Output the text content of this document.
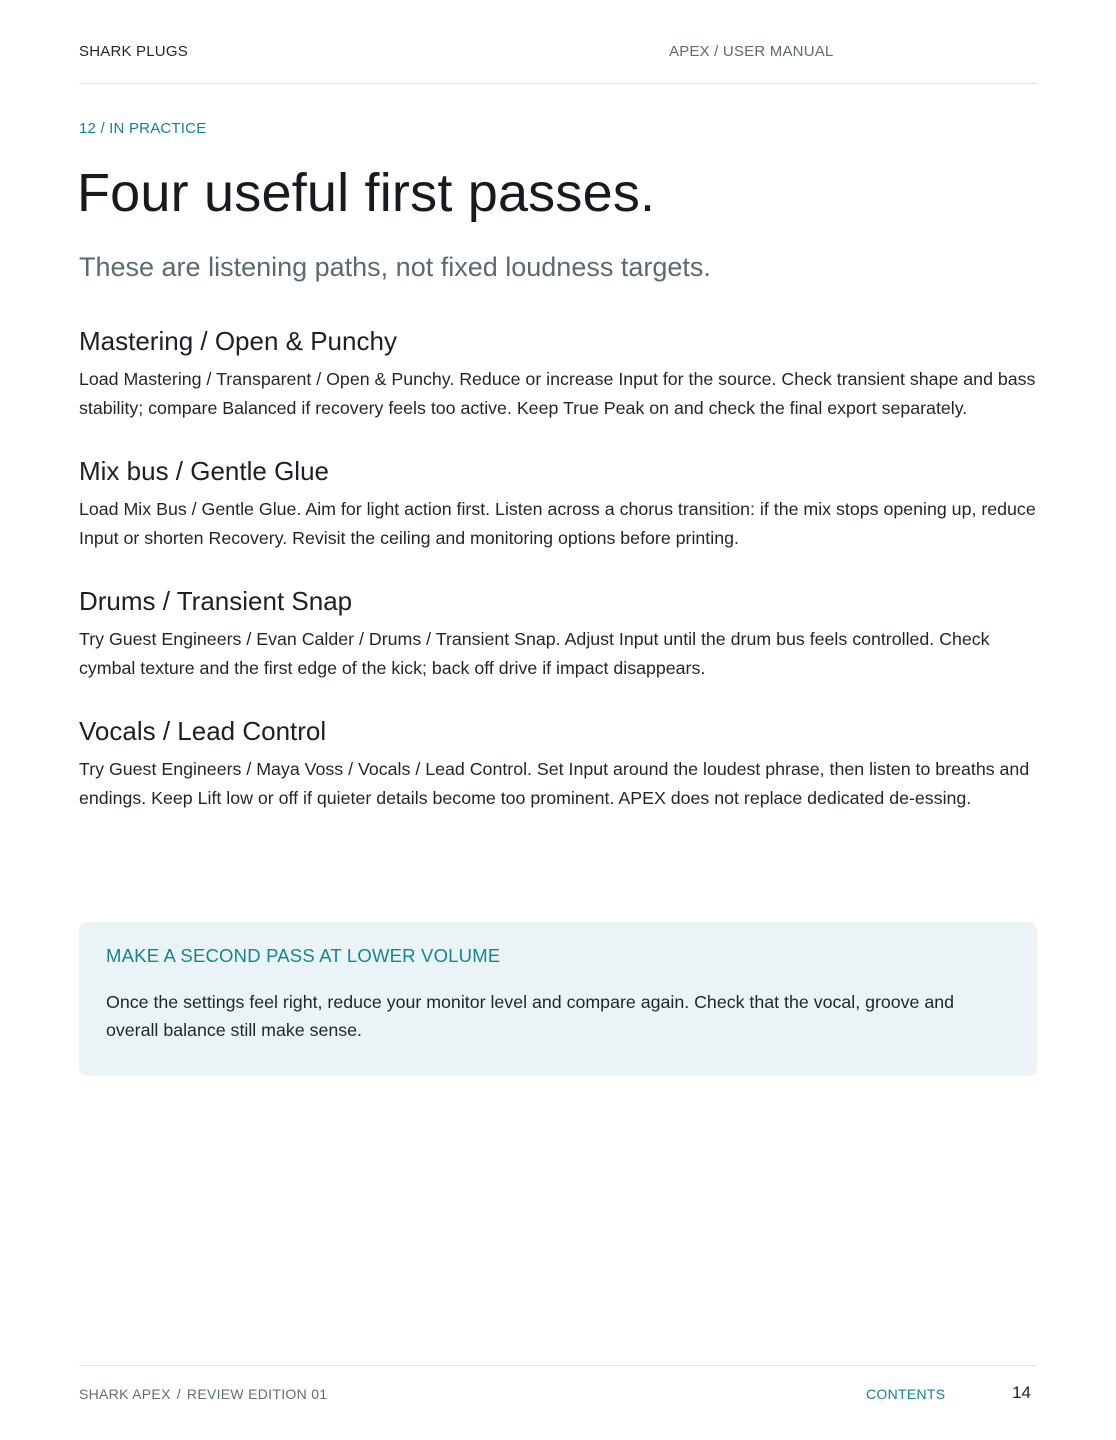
SHARK PLUGS	APEX / USER MANUAL
12 / IN PRACTICE
Four useful first passes.

These are listening paths, not fixed loudness targets.

Mastering / Open & Punchy

Load Mastering / Transparent / Open & Punchy. Reduce or increase Input for the source. Check transient shape and bass stability; compare Balanced if recovery feels too active. Keep True Peak on and check the final export separately.

Mix bus / Gentle Glue

Load Mix Bus / Gentle Glue. Aim for light action first. Listen across a chorus transition: if the mix stops opening up, reduce Input or shorten Recovery. Revisit the ceiling and monitoring options before printing.

Drums / Transient Snap

Try Guest Engineers / Evan Calder / Drums / Transient Snap. Adjust Input until the drum bus feels controlled. Check cymbal texture and the first edge of the kick; back off drive if impact disappears.

Vocals / Lead Control

Try Guest Engineers / Maya Voss / Vocals / Lead Control. Set Input around the loudest phrase, then listen to breaths and endings. Keep Lift low or off if quieter details become too prominent. APEX does not replace dedicated de-essing.

MAKE A SECOND PASS AT LOWER VOLUME

Once the settings feel right, reduce your monitor level and compare again. Check that the vocal, groove and overall balance still make sense.

SHARK APEX / REVIEW EDITION 01	CONTENTS	14
